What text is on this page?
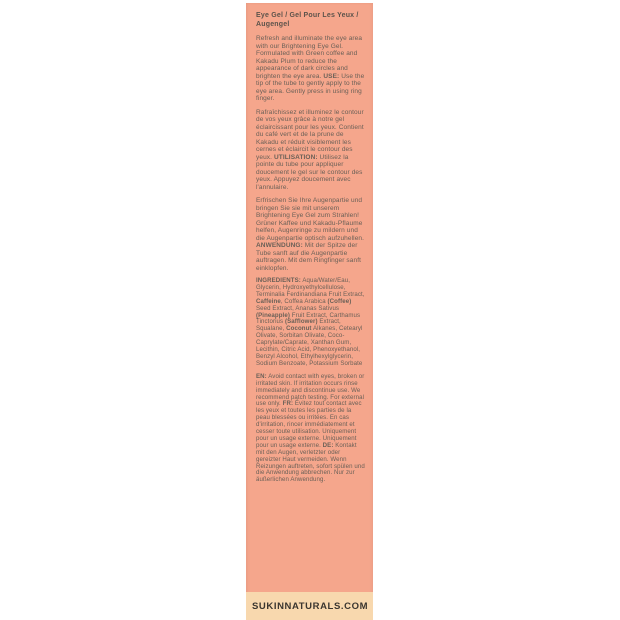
Eye Gel / Gel Pour Les Yeux / Augengel

Refresh and illuminate the eye area with our Brightening Eye Gel. Formulated with Green coffee and Kakadu Plum to reduce the appearance of dark circles and brighten the eye area. USE: Use the tip of the tube to gently apply to the eye area. Gently press in using ring finger.

Rafraîchissez et illuminez le contour de vos yeux grâce à notre gel éclaircissant pour les yeux. Contient du café vert et de la prune de Kakadu et réduit visiblement les cernes et éclaircit le contour des yeux. UTILISATION: Utilisez la pointe du tube pour appliquer doucement le gel sur le contour des yeux. Appuyez doucement avec l'annulaire.

Erfrischen Sie Ihre Augenpartie und bringen Sie sie mit unserem Brightening Eye Gel zum Strahlen! Grüner Kaffee und Kakadu-Pflaume helfen, Augenringe zu mildern und die Augenpartie optisch aufzuhellen. ANWENDUNG: Mit der Spitze der Tube sanft auf die Augenpartie auftragen. Mit dem Ringfinger sanft einklopfen.

INGREDIENTS: Aqua/Water/Eau, Glycerin, Hydroxyethylcellulose, Terminalia Ferdinandiana Fruit Extract, Caffeine, Coffea Arabica (Coffee) Seed Extract, Ananas Sativus (Pineapple) Fruit Extract, Carthamus Tinctorius (Safflower) Extract, Squalane, Coconut Alkanes, Cetearyl Olivate, Sorbitan Olivate, Coco-Caprylate/Caprate, Xanthan Gum, Lecithin, Citric Acid, Phenoxyethanol, Benzyl Alcohol, Ethylhexylglycerin, Sodium Benzoate, Potassium Sorbate

EN: Avoid contact with eyes, broken or irritated skin. If irritation occurs rinse immediately and discontinue use. We recommend patch testing. For external use only. FR: Évitez tout contact avec les yeux et toutes les parties de la peau blessées ou irritées. En cas d'irritation, rincer immédiatement et cesser toute utilisation. Uniquement pour un usage externe. Uniquement pour un usage externe. DE: Kontakt mit den Augen, verletzter oder gereizter Haut vermeiden. Wenn Reizungen auftreten, sofort spülen und die Anwendung abbrechen. Nur zur äußerlichen Anwendung.

SUKINNATURALS.COM
